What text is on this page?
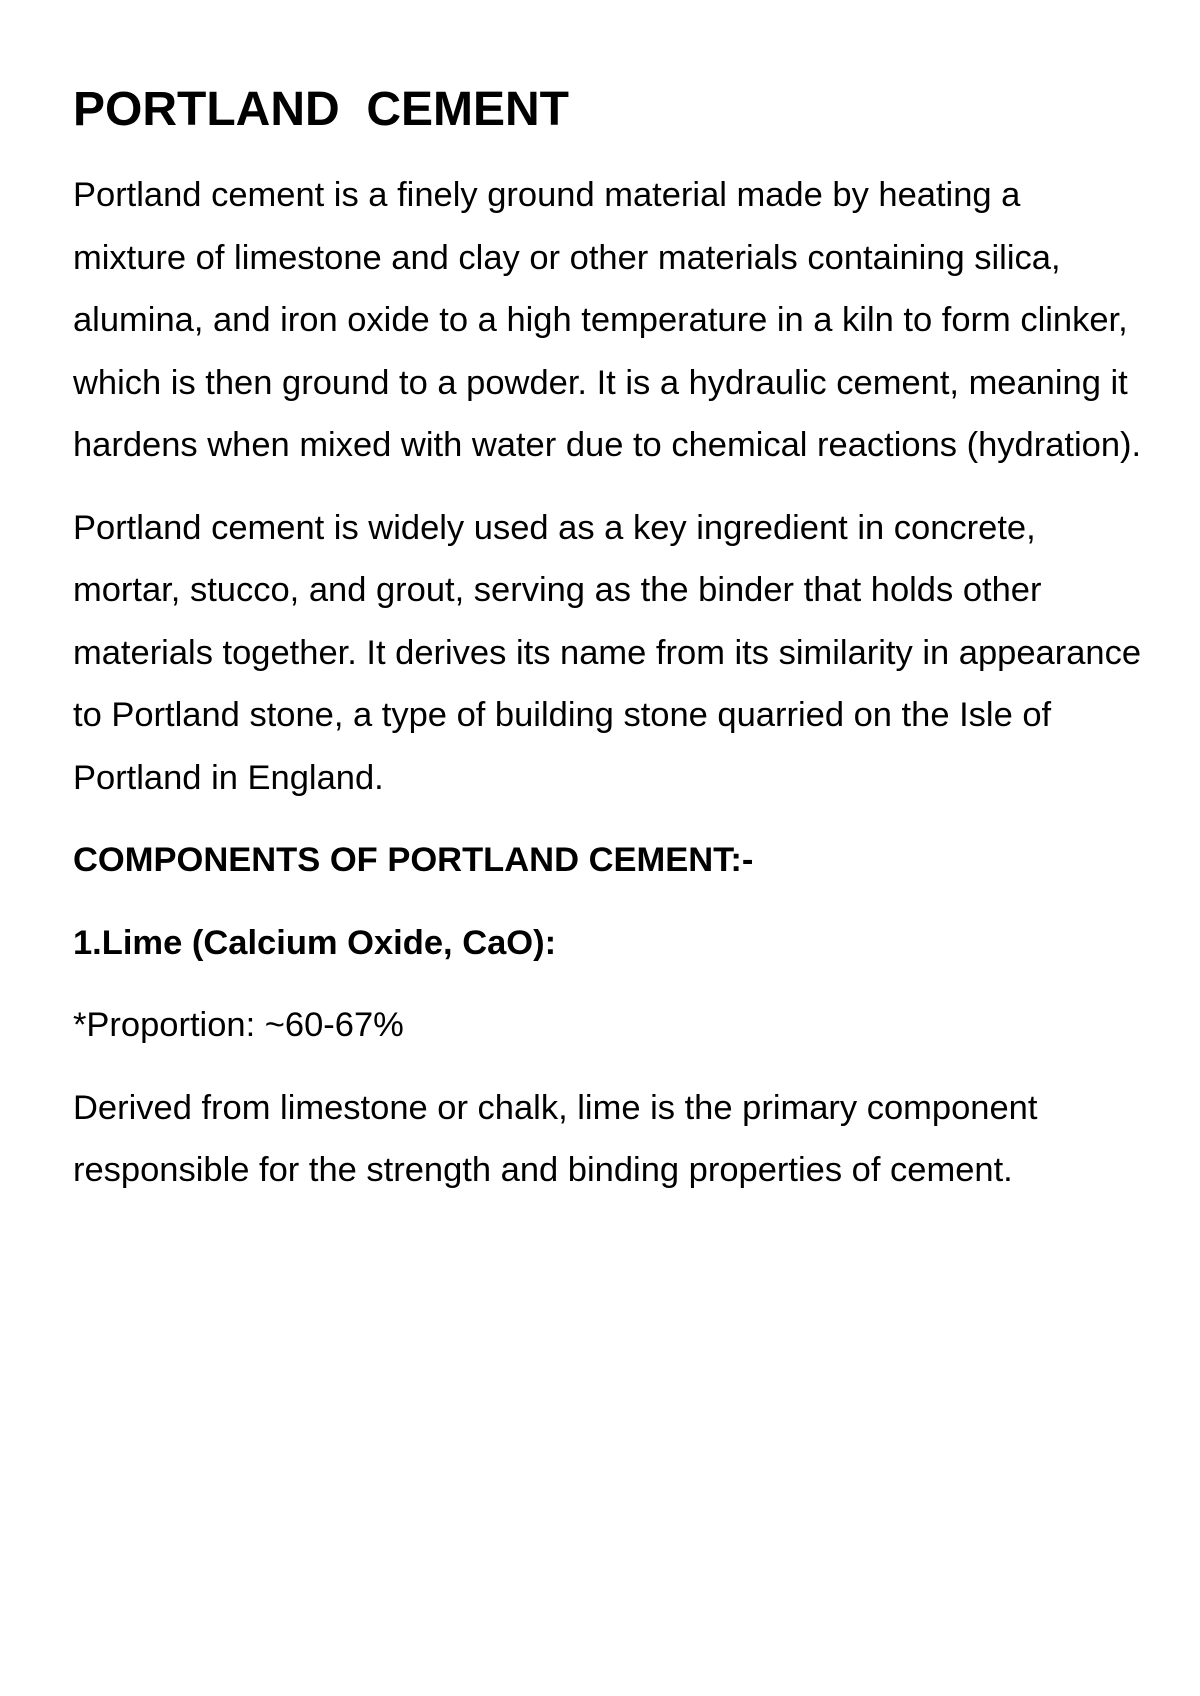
PORTLAND  CEMENT

Portland cement is a finely ground material made by heating a mixture of limestone and clay or other materials containing silica, alumina, and iron oxide to a high temperature in a kiln to form clinker, which is then ground to a powder. It is a hydraulic cement, meaning it hardens when mixed with water due to chemical reactions (hydration).

Portland cement is widely used as a key ingredient in concrete, mortar, stucco, and grout, serving as the binder that holds other materials together. It derives its name from its similarity in appearance to Portland stone, a type of building stone quarried on the Isle of Portland in England.

COMPONENTS OF PORTLAND CEMENT:-
1.Lime (Calcium Oxide, CaO):

*Proportion: ~60-67%

Derived from limestone or chalk, lime is the primary component responsible for the strength and binding properties of cement.
